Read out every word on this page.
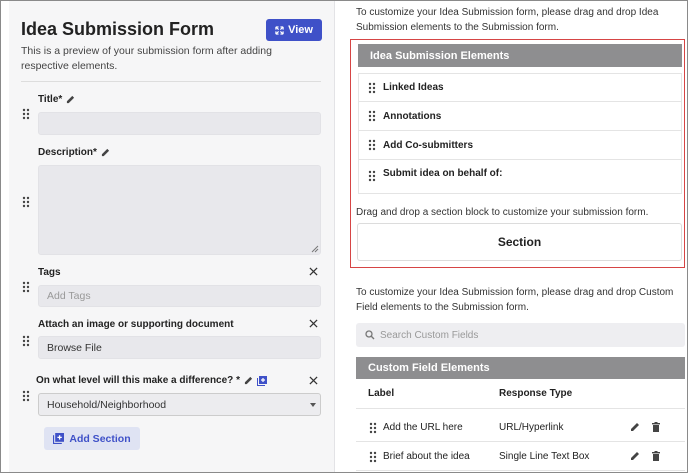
Idea Submission Form	View
This is a preview of your submission form after adding respective elements.
Title*
Description*
Tags
Add Tags
Attach an image or supporting document
Browse File
On what level will this make a difference? *
Household/Neighborhood
Add Section
To customize your Idea Submission form, please drag and drop Idea Submission elements to the Submission form.
Idea Submission Elements
Linked Ideas
Annotations
Add Co-submitters
Submit idea on behalf of:
Drag and drop a section block to customize your submission form.
Section
To customize your Idea Submission form, please drag and drop Custom Field elements to the Submission form.
Search Custom Fields
Custom Field Elements
Label	Response Type
Add the URL here	URL/Hyperlink
Brief about the idea	Single Line Text Box
